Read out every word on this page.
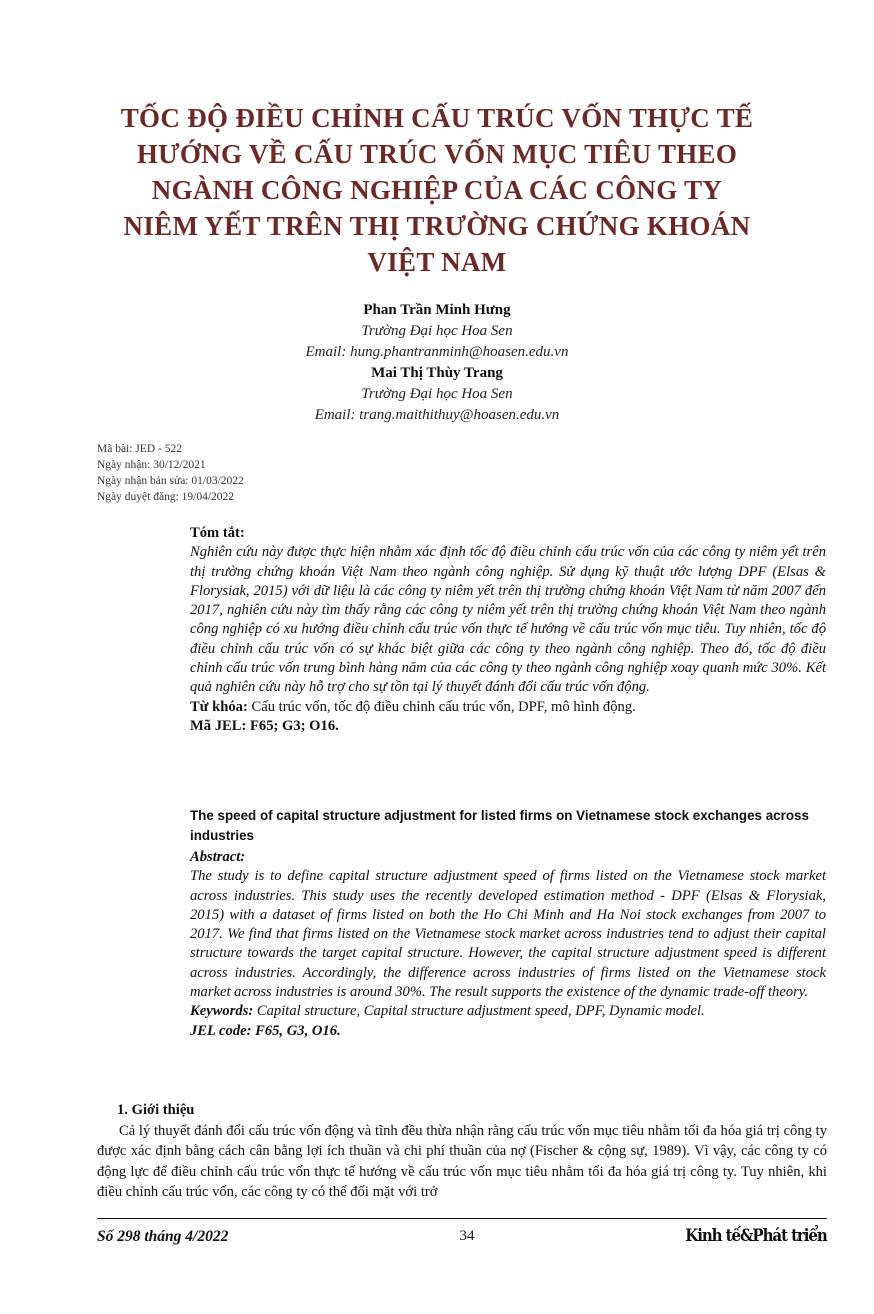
TỐC ĐỘ ĐIỀU CHỈNH CẤU TRÚC VỐN THỰC TẾ
HƯỚNG VỀ CẤU TRÚC VỐN MỤC TIÊU THEO
NGÀNH CÔNG NGHIỆP CỦA CÁC CÔNG TY
NIÊM YẾT TRÊN THỊ TRƯỜNG CHỨNG KHOÁN
VIỆT NAM
Phan Trần Minh Hưng
Trường Đại học Hoa Sen
Email: hung.phantranminh@hoasen.edu.vn
Mai Thị Thùy Trang
Trường Đại học Hoa Sen
Email: trang.maithithuy@hoasen.edu.vn
Mã bài: JED - 522
Ngày nhận: 30/12/2021
Ngày nhận bản sửa: 01/03/2022
Ngày duyệt đăng: 19/04/2022
Tóm tắt:
Nghiên cứu này được thực hiện nhằm xác định tốc độ điều chỉnh cấu trúc vốn của các công ty niêm yết trên thị trường chứng khoán Việt Nam theo ngành công nghiệp. Sử dụng kỹ thuật ước lượng DPF (Elsas & Florysiak, 2015) với dữ liệu là các công ty niêm yết trên thị trường chứng khoán Việt Nam từ năm 2007 đến 2017, nghiên cứu này tìm thấy rằng các công ty niêm yết trên thị trường chứng khoán Việt Nam theo ngành công nghiệp có xu hướng điều chỉnh cấu trúc vốn thực tế hướng về cấu trúc vốn mục tiêu. Tuy nhiên, tốc độ điều chỉnh cấu trúc vốn có sự khác biệt giữa các công ty theo ngành công nghiệp. Theo đó, tốc độ điều chỉnh cấu trúc vốn trung bình hàng năm của các công ty theo ngành công nghiệp xoay quanh mức 30%. Kết quả nghiên cứu này hỗ trợ cho sự tồn tại lý thuyết đánh đổi cấu trúc vốn động.
Từ khóa: Cấu trúc vốn, tốc độ điều chỉnh cấu trúc vốn, DPF, mô hình động.
Mã JEL: F65; G3; O16.
The speed of capital structure adjustment for listed firms on Vietnamese stock exchanges across industries
Abstract:
The study is to define capital structure adjustment speed of firms listed on the Vietnamese stock market across industries. This study uses the recently developed estimation method - DPF (Elsas & Florysiak, 2015) with a dataset of firms listed on both the Ho Chi Minh and Ha Noi stock exchanges from 2007 to 2017. We find that firms listed on the Vietnamese stock market across industries tend to adjust their capital structure towards the target capital structure. However, the capital structure adjustment speed is different across industries. Accordingly, the difference across industries of firms listed on the Vietnamese stock market across industries is around 30%. The result supports the existence of the dynamic trade-off theory.
Keywords: Capital structure, Capital structure adjustment speed, DPF, Dynamic model.
JEL code: F65, G3, O16.
1. Giới thiệu
Cả lý thuyết đánh đổi cấu trúc vốn động và tĩnh đều thừa nhận rằng cấu trúc vốn mục tiêu nhằm tối đa hóa giá trị công ty được xác định bằng cách cân bằng lợi ích thuần và chi phí thuần của nợ (Fischer & cộng sự, 1989). Vì vậy, các công ty có động lực để điều chỉnh cấu trúc vốn thực tế hướng về cấu trúc vốn mục tiêu nhằm tối đa hóa giá trị công ty. Tuy nhiên, khi điều chỉnh cấu trúc vốn, các công ty có thể đối mặt với trở
Số 298 tháng 4/2022	34	Kinh tế&Phát triển
